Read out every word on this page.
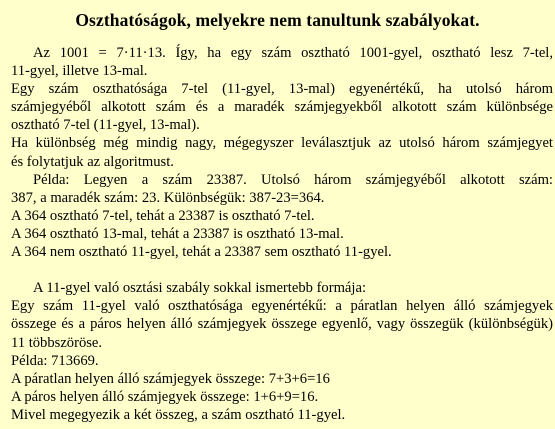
Oszthatóságok, melyekre nem tanultunk szabályokat.
Az 1001 = 7·11·13. Így, ha egy szám osztható 1001-gyel, osztható lesz 7-tel,
11-gyel, illetve 13-mal.
Egy szám oszthatósága 7-tel (11-gyel, 13-mal) egyenértékű, ha utolsó három
számjegyéből alkotott szám és a maradék számjegyekből alkotott szám különbsége
osztható 7-tel (11-gyel, 13-mal).
Ha különbség még mindig nagy, mégegyszer leválasztjuk az utolsó három számjegyet
és folytatjuk az algoritmust.
Példa: Legyen a szám 23387. Utolsó három számjegyéből alkotott szám:
387, a maradék szám: 23. Különbségük: 387-23=364.
A 364 osztható 7-tel, tehát a 23387 is osztható 7-tel.
A 364 osztható 13-mal, tehát a 23387 is osztható 13-mal.
A 364 nem osztható 11-gyel, tehát a 23387 sem osztható 11-gyel.
A 11-gyel való osztási szabály sokkal ismertebb formája:
Egy szám 11-gyel való oszthatósága egyenértékű: a páratlan helyen álló számjegyek
összege és a páros helyen álló számjegyek összege egyenlő, vagy összegük (különbségük)
11 többszöröse.
Példa: 713669.
A páratlan helyen álló számjegyek összege: 7+3+6=16
A páros helyen álló számjegyek összege: 1+6+9=16.
Mivel megegyezik a két összeg, a szám osztható 11-gyel.
